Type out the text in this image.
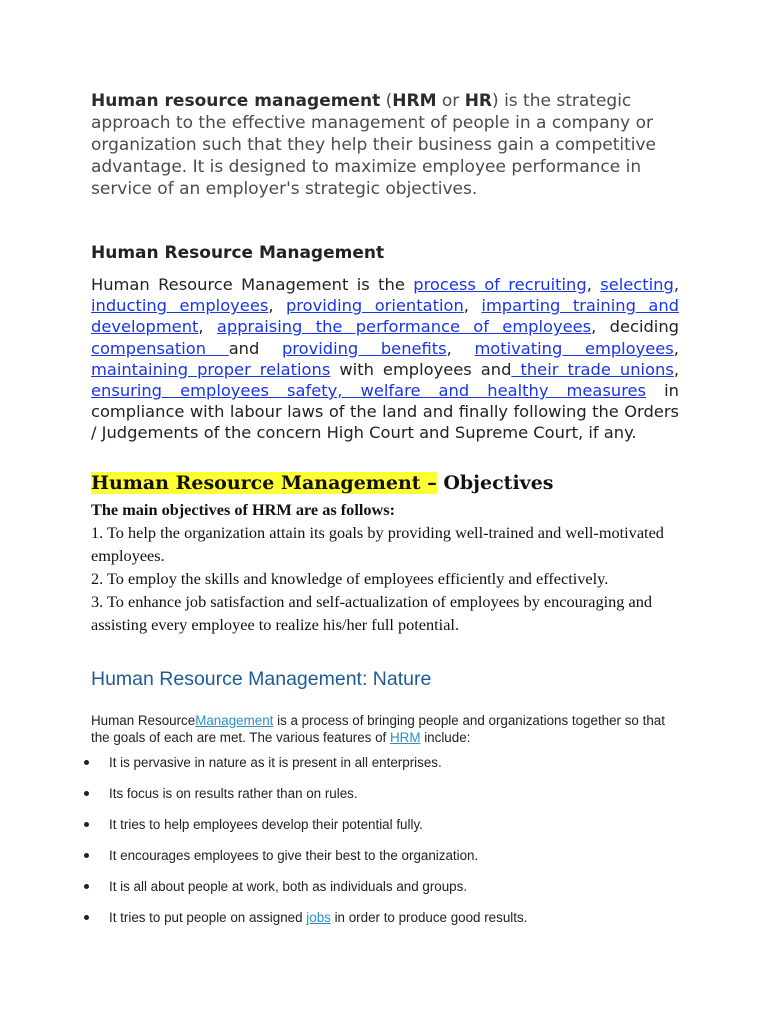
Human resource management (HRM or HR) is the strategic approach to the effective management of people in a company or organization such that they help their business gain a competitive advantage. It is designed to maximize employee performance in service of an employer's strategic objectives.

Human Resource Management

Human Resource Management is the process of recruiting, selecting, inducting employees, providing orientation, imparting training and development, appraising the performance of employees, deciding compensation and providing benefits, motivating employees, maintaining proper relations with employees and their trade unions, ensuring employees safety, welfare and healthy measures in compliance with labour laws of the land and finally following the Orders / Judgements of the concern High Court and Supreme Court, if any.

Human Resource Management – Objectives

The main objectives of HRM are as follows:

1. To help the organization attain its goals by providing well-trained and well-motivated employees.

2. To employ the skills and knowledge of employees efficiently and effectively.

3. To enhance job satisfaction and self-actualization of employees by encouraging and assisting every employee to realize his/her full potential.

Human Resource Management: Nature

Human ResourceManagement is a process of bringing people and organizations together so that the goals of each are met. The various features of HRM include:

It is pervasive in nature as it is present in all enterprises.
Its focus is on results rather than on rules.
It tries to help employees develop their potential fully.
It encourages employees to give their best to the organization.
It is all about people at work, both as individuals and groups.
It tries to put people on assigned jobs in order to produce good results.
